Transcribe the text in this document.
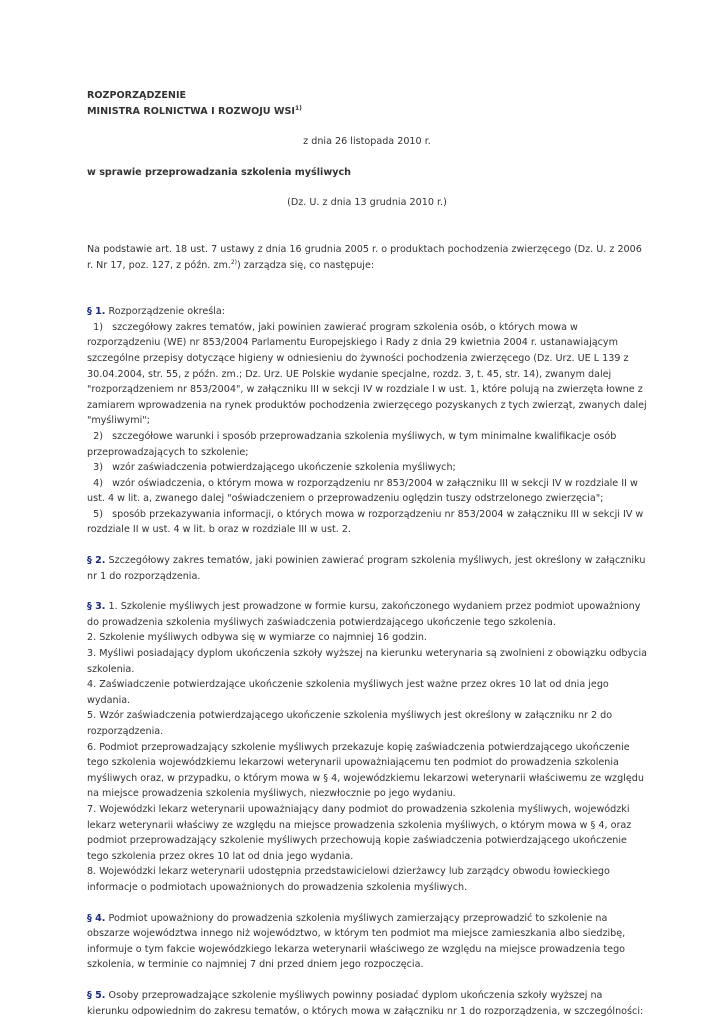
ROZPORZĄDZENIE
MINISTRA ROLNICTWA I ROZWOJU WSI$^{1)}$

z dnia 26 listopada 2010 r.

w sprawie przeprowadzania szkolenia myśliwych

(Dz. U. z dnia 13 grudnia 2010 r.)

Na podstawie art. 18 ust. 7 ustawy z dnia 16 grudnia 2005 r. o produktach pochodzenia zwierzęcego (Dz. U. z 2006 r. Nr 17, poz. 127, z późn. zm.$^{2)}$) zarządza się, co następuje:

§ 1. Rozporządzenie określa:

1)   szczegółowy zakres tematów, jaki powinien zawierać program szkolenia osób, o których mowa w rozporządzeniu (WE) nr 853/2004 Parlamentu Europejskiego i Rady z dnia 29 kwietnia 2004 r. ustanawiającym szczególne przepisy dotyczące higieny w odniesieniu do żywności pochodzenia zwierzęcego (Dz. Urz. UE L 139 z 30.04.2004, str. 55, z późn. zm.; Dz. Urz. UE Polskie wydanie specjalne, rozdz. 3, t. 45, str. 14), zwanym dalej "rozporządzeniem nr 853/2004", w załączniku III w sekcji IV w rozdziale I w ust. 1, które polują na zwierzęta łowne z zamiarem wprowadzenia na rynek produktów pochodzenia zwierzęcego pozyskanych z tych zwierząt, zwanych dalej "myśliwymi";

2)   szczegółowe warunki i sposób przeprowadzania szkolenia myśliwych, w tym minimalne kwalifikacje osób przeprowadzających to szkolenie;

3)   wzór zaświadczenia potwierdzającego ukończenie szkolenia myśliwych;

4)   wzór oświadczenia, o którym mowa w rozporządzeniu nr 853/2004 w załączniku III w sekcji IV w rozdziale II w ust. 4 w lit. a, zwanego dalej "oświadczeniem o przeprowadzeniu oględzin tuszy odstrzelonego zwierzęcia";

5)   sposób przekazywania informacji, o których mowa w rozporządzeniu nr 853/2004 w załączniku III w sekcji IV w rozdziale II w ust. 4 w lit. b oraz w rozdziale III w ust. 2.

§ 2. Szczegółowy zakres tematów, jaki powinien zawierać program szkolenia myśliwych, jest określony w załączniku nr 1 do rozporządzenia.

§ 3. 1. Szkolenie myśliwych jest prowadzone w formie kursu, zakończonego wydaniem przez podmiot upoważniony do prowadzenia szkolenia myśliwych zaświadczenia potwierdzającego ukończenie tego szkolenia.

2. Szkolenie myśliwych odbywa się w wymiarze co najmniej 16 godzin.

3. Myśliwi posiadający dyplom ukończenia szkoły wyższej na kierunku weterynaria są zwolnieni z obowiązku odbycia szkolenia.

4. Zaświadczenie potwierdzające ukończenie szkolenia myśliwych jest ważne przez okres 10 lat od dnia jego wydania.

5. Wzór zaświadczenia potwierdzającego ukończenie szkolenia myśliwych jest określony w załączniku nr 2 do rozporządzenia.

6. Podmiot przeprowadzający szkolenie myśliwych przekazuje kopię zaświadczenia potwierdzającego ukończenie tego szkolenia wojewódzkiemu lekarzowi weterynarii upoważniającemu ten podmiot do prowadzenia szkolenia myśliwych oraz, w przypadku, o którym mowa w § 4, wojewódzkiemu lekarzowi weterynarii właściwemu ze względu na miejsce prowadzenia szkolenia myśliwych, niezwłocznie po jego wydaniu.

7. Wojewódzki lekarz weterynarii upoważniający dany podmiot do prowadzenia szkolenia myśliwych, wojewódzki lekarz weterynarii właściwy ze względu na miejsce prowadzenia szkolenia myśliwych, o którym mowa w § 4, oraz podmiot przeprowadzający szkolenie myśliwych przechowują kopie zaświadczenia potwierdzającego ukończenie tego szkolenia przez okres 10 lat od dnia jego wydania.

8. Wojewódzki lekarz weterynarii udostępnia przedstawicielowi dzierżawcy lub zarządcy obwodu łowieckiego informacje o podmiotach upoważnionych do prowadzenia szkolenia myśliwych.

§ 4. Podmiot upoważniony do prowadzenia szkolenia myśliwych zamierzający przeprowadzić to szkolenie na obszarze województwa innego niż województwo, w którym ten podmiot ma miejsce zamieszkania albo siedzibę, informuje o tym fakcie wojewódzkiego lekarza weterynarii właściwego ze względu na miejsce prowadzenia tego szkolenia, w terminie co najmniej 7 dni przed dniem jego rozpoczęcia.

§ 5. Osoby przeprowadzające szkolenie myśliwych powinny posiadać dyplom ukończenia szkoły wyższej na kierunku odpowiednim do zakresu tematów, o których mowa w załączniku nr 1 do rozporządzenia, w szczególności:
